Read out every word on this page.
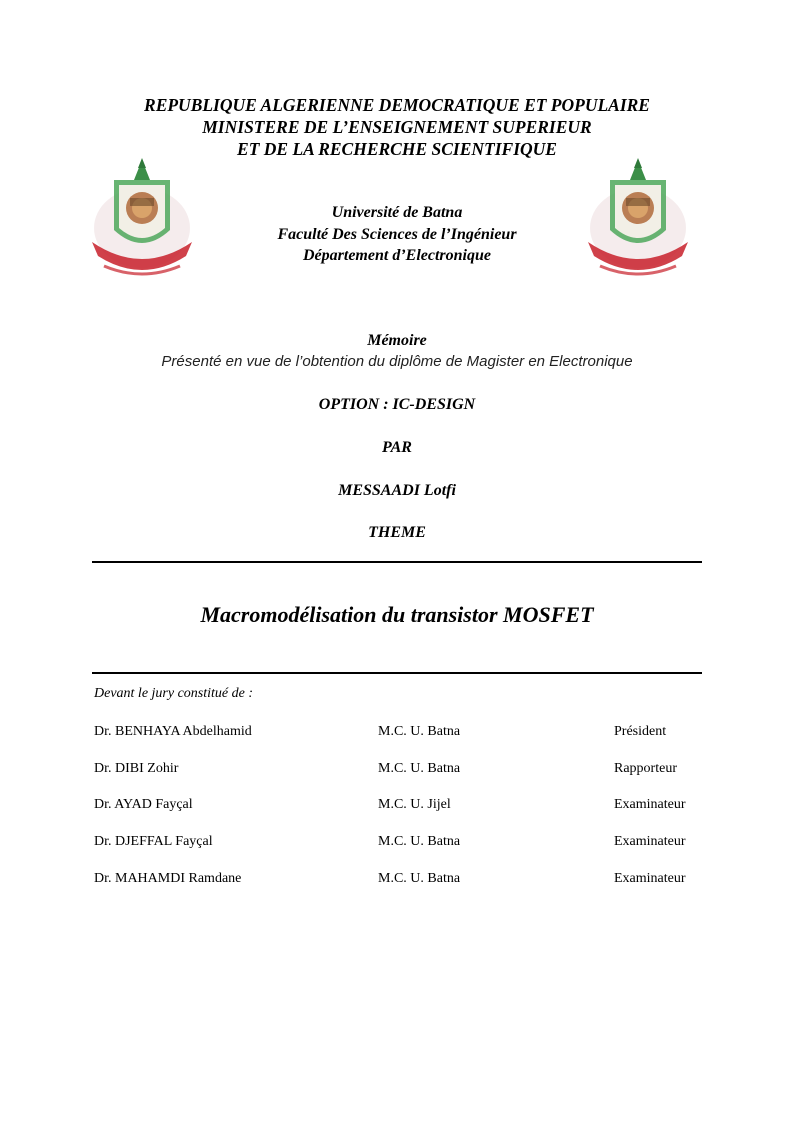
REPUBLIQUE ALGERIENNE DEMOCRATIQUE ET POPULAIRE
MINISTERE DE L’ENSEIGNEMENT SUPERIEUR
ET DE LA RECHERCHE SCIENTIFIQUE
Université de Batna
Faculté Des Sciences de l’Ingénieur
Département d’Electronique
Mémoire
Présenté en vue de l’obtention du diplôme de Magister en Electronique
OPTION : IC-DESIGN
PAR
MESSAADI Lotfi
THEME
Macromodélisation du transistor MOSFET
Devant le jury constitué de :
Dr. BENHAYA Abdelhamid	M.C. U. Batna	Président
Dr. DIBI Zohir	M.C. U. Batna	Rapporteur
Dr. AYAD Fayçal	M.C. U. Jijel	Examinateur
Dr. DJEFFAL Fayçal	M.C. U. Batna	Examinateur
Dr. MAHAMDI Ramdane	M.C. U. Batna	Examinateur
